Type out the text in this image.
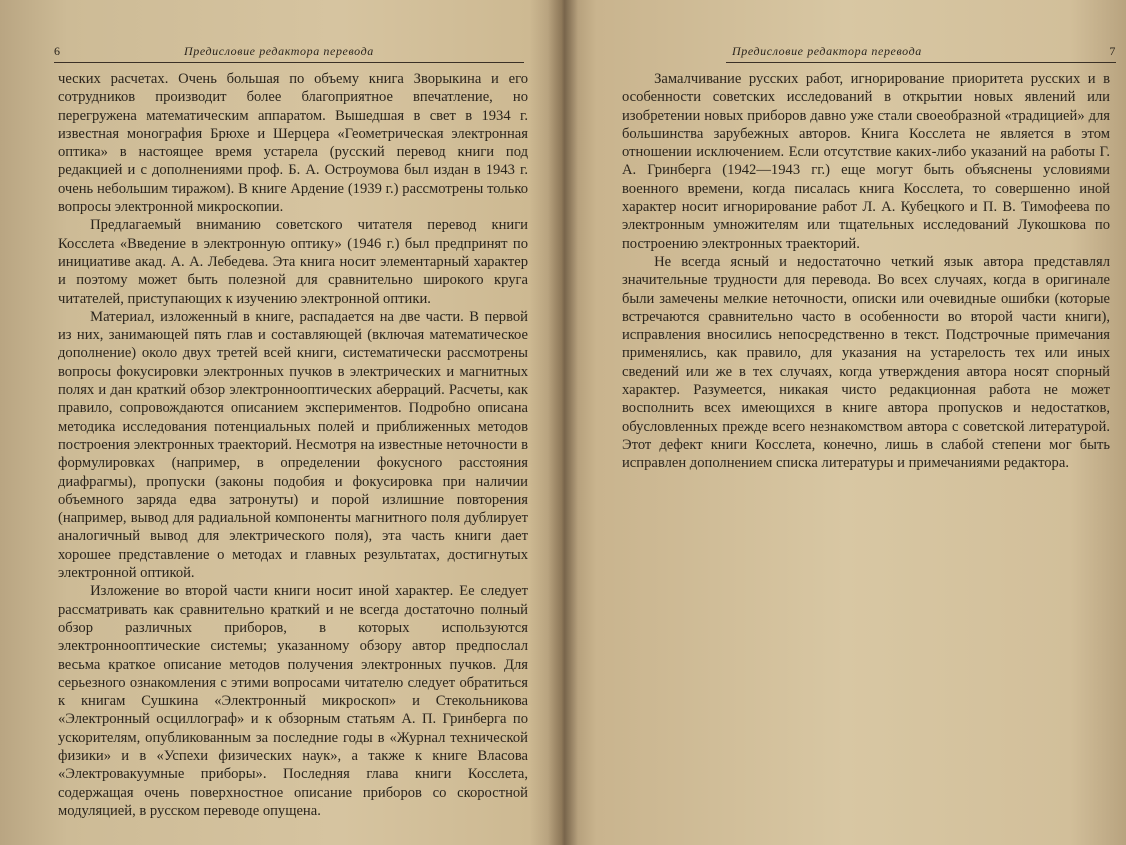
6	Предисловие редактора перевода

ческих расчетах. Очень большая по объему книга Зворыкина и его сотрудников производит более благоприятное впечатление, но перегружена математическим аппаратом. Вышедшая в свет в 1934 г. известная монография Брюхе и Шерцера «Геометрическая электронная оптика» в настоящее время устарела (русский перевод книги под редакцией и с дополнениями проф. Б. А. Остроумова был издан в 1943 г. очень небольшим тиражом). В книге Ардение (1939 г.) рассмотрены только вопросы электронной микроскопии.

Предлагаемый вниманию советского читателя перевод книги Косслета «Введение в электронную оптику» (1946 г.) был предпринят по инициативе акад. А. А. Лебедева. Эта книга носит элементарный характер и поэтому может быть полезной для сравнительно широкого круга читателей, приступающих к изучению электронной оптики.

Материал, изложенный в книге, распадается на две части. В первой из них, занимающей пять глав и составляющей (включая математическое дополнение) около двух третей всей книги, систематически рассмотрены вопросы фокусировки электронных пучков в электрических и магнитных полях и дан краткий обзор электроннооптических аберраций. Расчеты, как правило, сопровождаются описанием экспериментов. Подробно описана методика исследования потенциальных полей и приближенных методов построения электронных траекторий. Несмотря на известные неточности в формулировках (например, в определении фокусного расстояния диафрагмы), пропуски (законы подобия и фокусировка при наличии объемного заряда едва затронуты) и порой излишние повторения (например, вывод для радиальной компоненты магнитного поля дублирует аналогичный вывод для электрического поля), эта часть книги дает хорошее представление о методах и главных результатах, достигнутых электронной оптикой.

Изложение во второй части книги носит иной характер. Ее следует рассматривать как сравнительно краткий и не всегда достаточно полный обзор различных приборов, в которых используются электроннооптические системы; указанному обзору автор предпослал весьма краткое описание методов получения электронных пучков. Для серьезного ознакомления с этими вопросами читателю следует обратиться к книгам Сушкина «Электронный микроскоп» и Стекольникова «Электронный осциллограф» и к обзорным статьям А. П. Гринберга по ускорителям, опубликованным за последние годы в «Журнал технической физики» и в «Успехи физических наук», а также к книге Власова «Электровакуумные приборы». Последняя глава книги Косслета, содержащая очень поверхностное описание приборов со скоростной модуляцией, в русском переводе опущена.

Предисловие редактора перевода	7

Замалчивание русских работ, игнорирование приоритета русских и в особенности советских исследований в открытии новых явлений или изобретении новых приборов давно уже стали своеобразной «традицией» для большинства зарубежных авторов. Книга Косслета не является в этом отношении исключением. Если отсутствие каких-либо указаний на работы Г. А. Гринберга (1942—1943 гг.) еще могут быть объяснены условиями военного времени, когда писалась книга Косслета, то совершенно иной характер носит игнорирование работ Л. А. Кубецкого и П. В. Тимофеева по электронным умножителям или тщательных исследований Лукошкова по построению электронных траекторий.

Не всегда ясный и недостаточно четкий язык автора представлял значительные трудности для перевода. Во всех случаях, когда в оригинале были замечены мелкие неточности, описки или очевидные ошибки (которые встречаются сравнительно часто в особенности во второй части книги), исправления вносились непосредственно в текст. Подстрочные примечания применялись, как правило, для указания на устарелость тех или иных сведений или же в тех случаях, когда утверждения автора носят спорный характер. Разумеется, никакая чисто редакционная работа не может восполнить всех имеющихся в книге автора пропусков и недостатков, обусловленных прежде всего незнакомством автора с советской литературой. Этот дефект книги Косслета, конечно, лишь в слабой степени мог быть исправлен дополнением списка литературы и примечаниями редактора.
